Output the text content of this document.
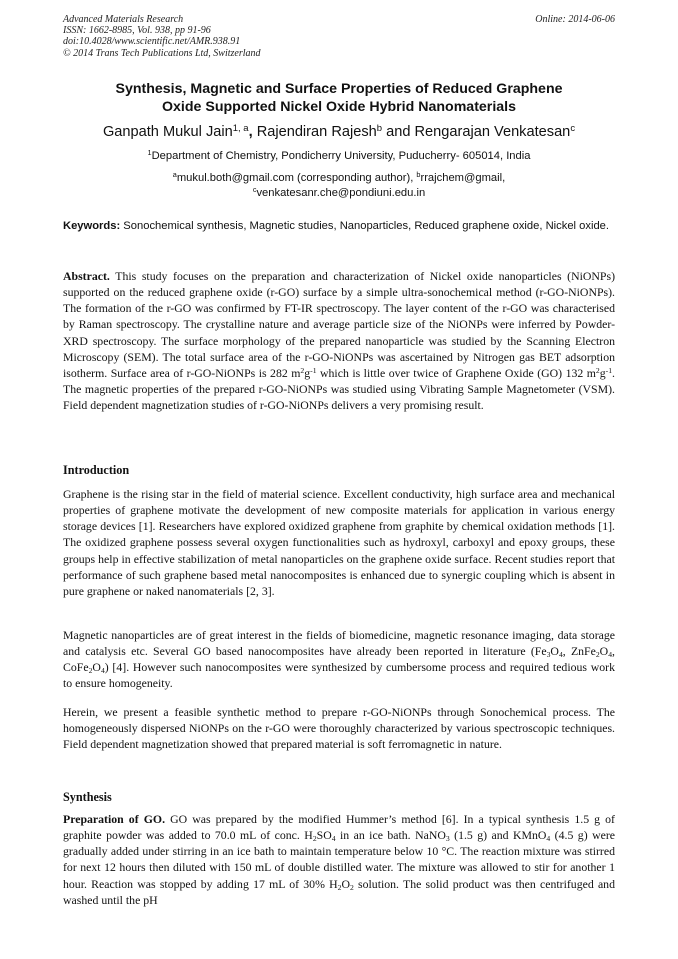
Advanced Materials Research
ISSN: 1662-8985, Vol. 938, pp 91-96
doi:10.4028/www.scientific.net/AMR.938.91
© 2014 Trans Tech Publications Ltd, Switzerland
Online: 2014-06-06
Synthesis, Magnetic and Surface Properties of Reduced Graphene
Oxide Supported Nickel Oxide Hybrid Nanomaterials
Ganpath Mukul Jain$^{1, a}$, Rajendiran Rajesh$^b$ and Rengarajan Venkatesan$^c$
$^1$Department of Chemistry, Pondicherry University, Puducherry- 605014, India
$^a$mukul.both@gmail.com (corresponding author), $^b$rrajchem@gmail,
$^c$venkatesanr.che@pondiuni.edu.in
Keywords: Sonochemical synthesis, Magnetic studies, Nanoparticles, Reduced graphene oxide, Nickel oxide.
Abstract. This study focuses on the preparation and characterization of Nickel oxide nanoparticles (NiONPs) supported on the reduced graphene oxide (r-GO) surface by a simple ultra-sonochemical method (r-GO-NiONPs). The formation of the r-GO was confirmed by FT-IR spectroscopy. The layer content of the r-GO was characterised by Raman spectroscopy. The crystalline nature and average particle size of the NiONPs were inferred by Powder-XRD spectroscopy. The surface morphology of the prepared nanoparticle was studied by the Scanning Electron Microscopy (SEM). The total surface area of the r-GO-NiONPs was ascertained by Nitrogen gas BET adsorption isotherm. Surface area of r-GO-NiONPs is 282 $m^2g^{-1}$ which is little over twice of Graphene Oxide (GO) 132 $m^2g^{-1}$. The magnetic properties of the prepared r-GO-NiONPs was studied using Vibrating Sample Magnetometer (VSM). Field dependent magnetization studies of r-GO-NiONPs delivers a very promising result.
Introduction
Graphene is the rising star in the field of material science. Excellent conductivity, high surface area and mechanical properties of graphene motivate the development of new composite materials for application in various energy storage devices [1]. Researchers have explored oxidized graphene from graphite by chemical oxidation methods [1]. The oxidized graphene possess several oxygen functionalities such as hydroxyl, carboxyl and epoxy groups, these groups help in effective stabilization of metal nanoparticles on the graphene oxide surface. Recent studies report that performance of such graphene based metal nanocomposites is enhanced due to synergic coupling which is absent in pure graphene or naked nanomaterials [2, 3].
Magnetic nanoparticles are of great interest in the fields of biomedicine, magnetic resonance imaging, data storage and catalysis etc. Several GO based nanocomposites have already been reported in literature ($Fe_3O_4$, $ZnFe_2O_4$, $CoFe_2O_4$) [4]. However such nanocomposites were synthesized by cumbersome process and required tedious work to ensure homogeneity.
Herein, we present a feasible synthetic method to prepare r-GO-NiONPs through Sonochemical process. The homogeneously dispersed NiONPs on the r-GO were thoroughly characterized by various spectroscopic techniques. Field dependent magnetization showed that prepared material is soft ferromagnetic in nature.
Synthesis
Preparation of GO. GO was prepared by the modified Hummer’s method [6]. In a typical synthesis 1.5 g of graphite powder was added to 70.0 mL of conc. $H_2SO_4$ in an ice bath. NaNO$_3$ (1.5 g) and KMnO$_4$ (4.5 g) were gradually added under stirring in an ice bath to maintain temperature below 10 °C. The reaction mixture was stirred for next 12 hours then diluted with 150 mL of double distilled water. The mixture was allowed to stir for another 1 hour. Reaction was stopped by adding 17 mL of 30% $H_2O_2$ solution. The solid product was then centrifuged and washed until the pH
